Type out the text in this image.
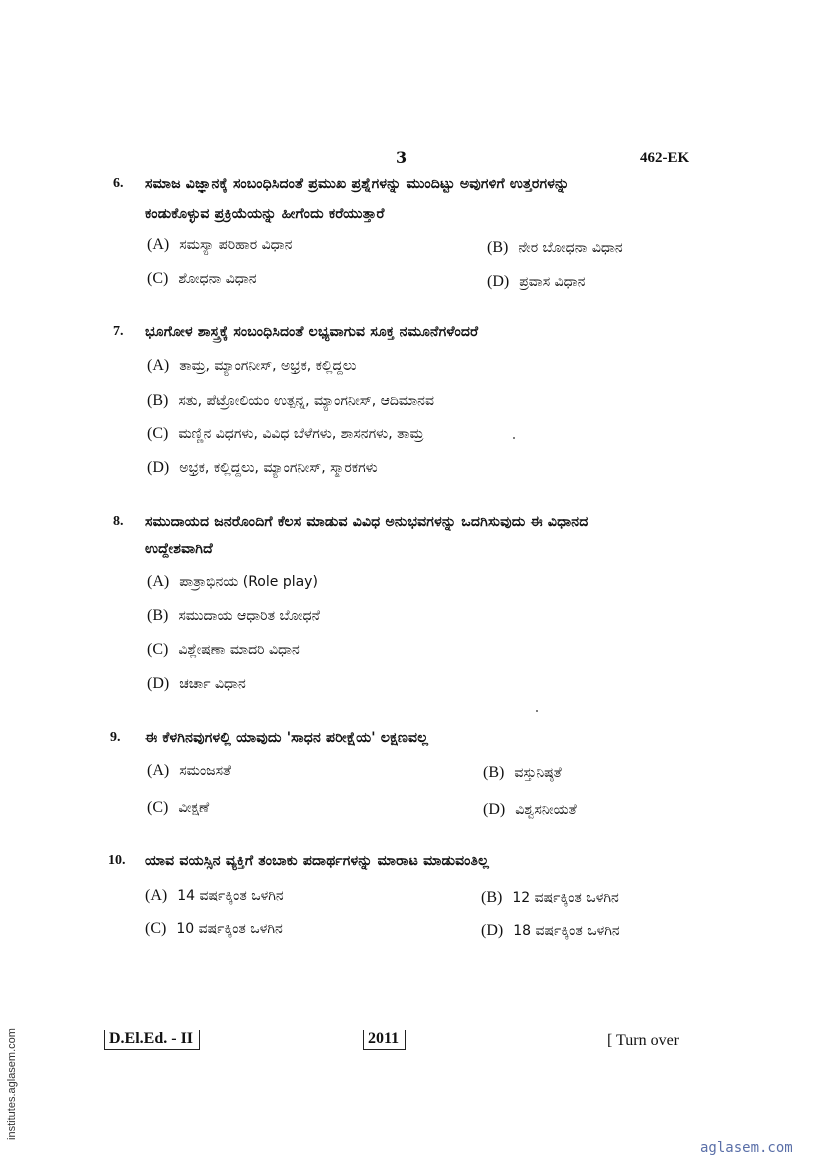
3	462-EK
6. ಸಮಾಜ ವಿಜ್ಞಾನಕ್ಕೆ ಸಂಬಂಧಿಸಿದಂತೆ ಪ್ರಮುಖ ಪ್ರಶ್ನೆಗಳನ್ನು ಮುಂದಿಟ್ಟು ಅವುಗಳಿಗೆ ಉತ್ತರಗಳನ್ನು
ಕಂಡುಕೊಳ್ಳುವ ಪ್ರಕ್ರಿಯೆಯನ್ನು ಹೀಗೆಂದು ಕರೆಯುತ್ತಾರೆ
(A) ಸಮಸ್ಯಾ ಪರಿಹಾರ ವಿಧಾನ	(B) ನೇರ ಬೋಧನಾ ವಿಧಾನ
(C) ಶೋಧನಾ ವಿಧಾನ	(D) ಪ್ರವಾಸ ವಿಧಾನ
7. ಭೂಗೋಳ ಶಾಸ್ತ್ರಕ್ಕೆ ಸಂಬಂಧಿಸಿದಂತೆ ಲಭ್ಯವಾಗುವ ಸೂಕ್ತ ನಮೂನೆಗಳೆಂದರೆ
(A) ತಾಮ್ರ, ಮ್ಯಾಂಗನೀಸ್, ಅಭ್ರಕ, ಕಲ್ಲಿದ್ದಲು
(B) ಸತು, ಪೆಟ್ರೋಲಿಯಂ ಉತ್ಪನ್ನ, ಮ್ಯಾಂಗನೀಸ್, ಆದಿಮಾನವ
(C) ಮಣ್ಣಿನ ವಿಧಗಳು, ವಿವಿಧ ಬೆಳೆಗಳು, ಶಾಸನಗಳು, ತಾಮ್ರ
(D) ಅಭ್ರಕ, ಕಲ್ಲಿದ್ದಲು, ಮ್ಯಾಂಗನೀಸ್, ಸ್ಮಾರಕಗಳು
8. ಸಮುದಾಯದ ಜನರೊಂದಿಗೆ ಕೆಲಸ ಮಾಡುವ ವಿವಿಧ ಅನುಭವಗಳನ್ನು ಒದಗಿಸುವುದು ಈ ವಿಧಾನದ
ಉದ್ದೇಶವಾಗಿದೆ
(A) ಪಾತ್ರಾಭಿನಯ (Role play)
(B) ಸಮುದಾಯ ಆಧಾರಿತ ಬೋಧನೆ
(C) ವಿಶ್ಲೇಷಣಾ ಮಾದರಿ ವಿಧಾನ
(D) ಚರ್ಚಾ ವಿಧಾನ
9. ಈ ಕೆಳಗಿನವುಗಳಲ್ಲಿ ಯಾವುದು 'ಸಾಧನ ಪರೀಕ್ಷೆಯ' ಲಕ್ಷಣವಲ್ಲ
(A) ಸಮಂಜಸತೆ	(B) ವಸ್ತುನಿಷ್ಠತೆ
(C) ವೀಕ್ಷಣೆ	(D) ವಿಶ್ವಸನೀಯತೆ
10. ಯಾವ ವಯಸ್ಸಿನ ವ್ಯಕ್ತಿಗೆ ತಂಬಾಕು ಪದಾರ್ಥಗಳನ್ನು ಮಾರಾಟ ಮಾಡುವಂತಿಲ್ಲ
(A) 14 ವರ್ಷಕ್ಕಿಂತ ಒಳಗಿನ	(B) 12 ವರ್ಷಕ್ಕಿಂತ ಒಳಗಿನ
(C) 10 ವರ್ಷಕ್ಕಿಂತ ಒಳಗಿನ	(D) 18 ವರ್ಷಕ್ಕಿಂತ ಒಳಗಿನ
D.El.Ed. - II	2011	[ Turn over
institutes.aglasem.com
aglasem.com
